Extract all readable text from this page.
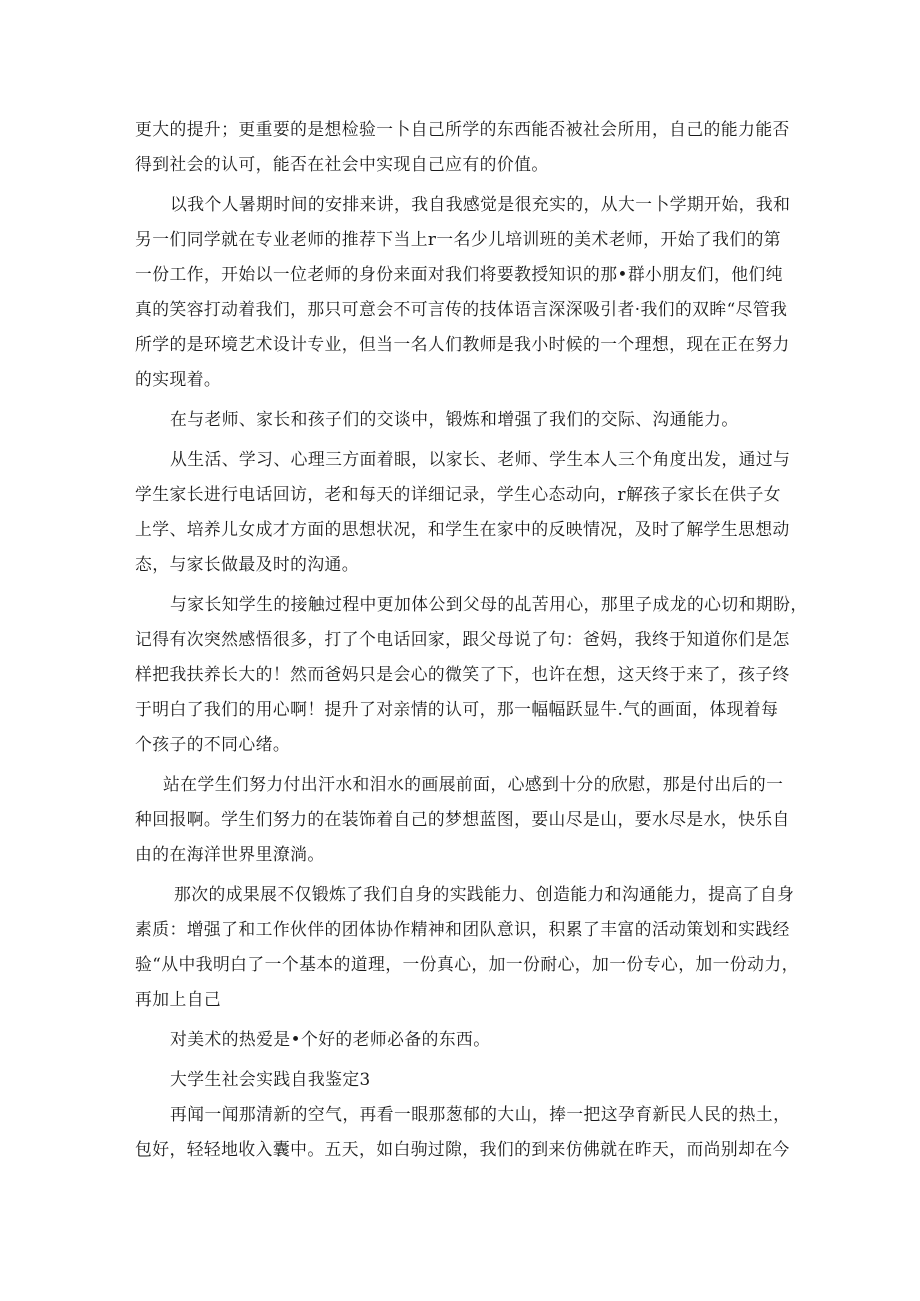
更大的提升；更重要的是想检验一卜自己所学的东西能否被社会所用，自己的能力能否

得到社会的认可，能否在社会中实现自己应有的价值。

以我个人暑期时间的安排来讲，我自我感觉是很充实的，从大一卜学期开始，我和

另一们同学就在专业老师的推荐下当上r一名少儿培训班的美术老师，开始了我们的第

一份工作，开始以一位老师的身份来面对我们将要教授知识的那•群小朋友们，他们纯

真的笑容打动着我们，那只可意会不可言传的技体语言深深吸引者·我们的双眸“尽管我

所学的是环境艺术设计专业，但当一名人们教师是我小时候的一个理想，现在正在努力

的实现着。

在与老师、家长和孩子们的交谈中，锻炼和增强了我们的交际、沟通能力。

从生活、学习、心理三方面着眼，以家长、老师、学生本人三个角度出发，通过与

学生家长进行电话回访，老和每天的详细记录，学生心态动向，r解孩子家长在供子女

上学、培养儿女成才方面的思想状况，和学生在家中的反映情况，及时了解学生思想动

态，与家长做最及时的沟通。

与家长知学生的接触过程中更加体公到父母的乩苦用心，那里子成龙的心切和期盼，

记得有次突然感悟很多，打了个电话回家，跟父母说了句：爸妈，我终于知道你们是怎

样把我扶养长大的！然而爸妈只是会心的微笑了下，也许在想，这天终于来了，孩子终

于明白了我们的用心啊！提升了对亲情的认可，那一幅幅跃显牛.气的画面，体现着每

个孩子的不同心绪。

站在学生们努力付出汗水和泪水的画展前面，心感到十分的欣慰，那是付出后的一

种回报啊。学生们努力的在装饰着自己的梦想蓝图，要山尽是山，要水尽是水，快乐自

由的在海洋世界里潦淌。

那次的成果展不仅锻炼了我们自身的实践能力、创造能力和沟通能力，提高了自身

素质：增强了和工作伙伴的团体协作精神和团队意识，积累了丰富的活动策划和实践经

验“从中我明白了一个基本的道理，一份真心，加一份耐心，加一份专心，加一份动力，

再加上自己

对美术的热爱是•个好的老师必备的东西。

大学生社会实践自我鉴定3

再闻一闻那清新的空气，再看一眼那葱郁的大山，捧一把这孕育新民人民的热土，

包好，轻轻地收入囊中。五天，如白驹过隙，我们的到来仿佛就在昨天，而尚别却在今
